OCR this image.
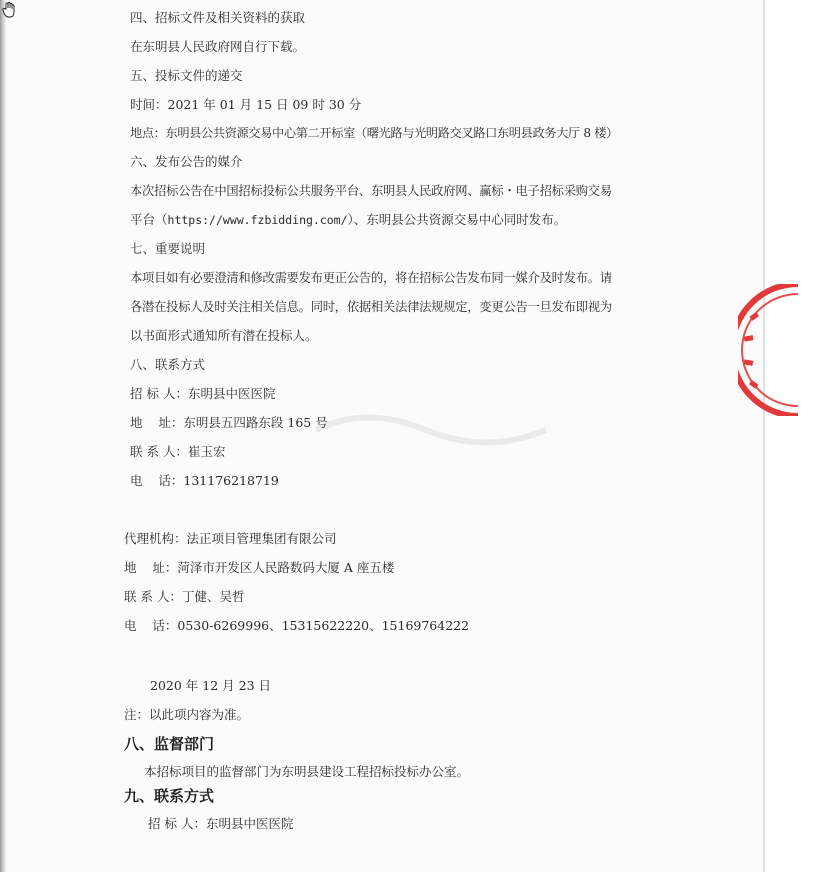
四、招标文件及相关资料的获取
在东明县人民政府网自行下载。
五、投标文件的递交
时间：2021 年 01 月 15 日 09 时 30 分
地点：东明县公共资源交易中心第二开标室（曙光路与光明路交叉路口东明县政务大厅 8 楼）
六、发布公告的媒介
本次招标公告在中国招标投标公共服务平台、东明县人民政府网、赢标・电子招标采购交易
平台（https://www.fzbidding.com/）、东明县公共资源交易中心同时发布。
七、重要说明
本项目如有必要澄清和修改需要发布更正公告的，将在招标公告发布同一媒介及时发布。请
各潜在投标人及时关注相关信息。同时，依据相关法律法规规定，变更公告一旦发布即视为
以书面形式通知所有潜在投标人。
八、联系方式
招 标 人：东明县中医医院
地    址：东明县五四路东段 165 号
联 系 人：崔玉宏
电    话：13117621871​9
代理机构：法正项目管理集团有限公司
地    址：菏泽市开发区人民路数码大厦 A 座五楼
联 系 人：丁健、吴哲
电    话：0530-6269996、15315622220、15169764222
2020 年 12 月 23 日
注：以此项内容为准。
八、监督部门
本招标项目的监督部门为东明县建设工程招标投标办公室。
九、联系方式
招 标 人：东明县中医医院
